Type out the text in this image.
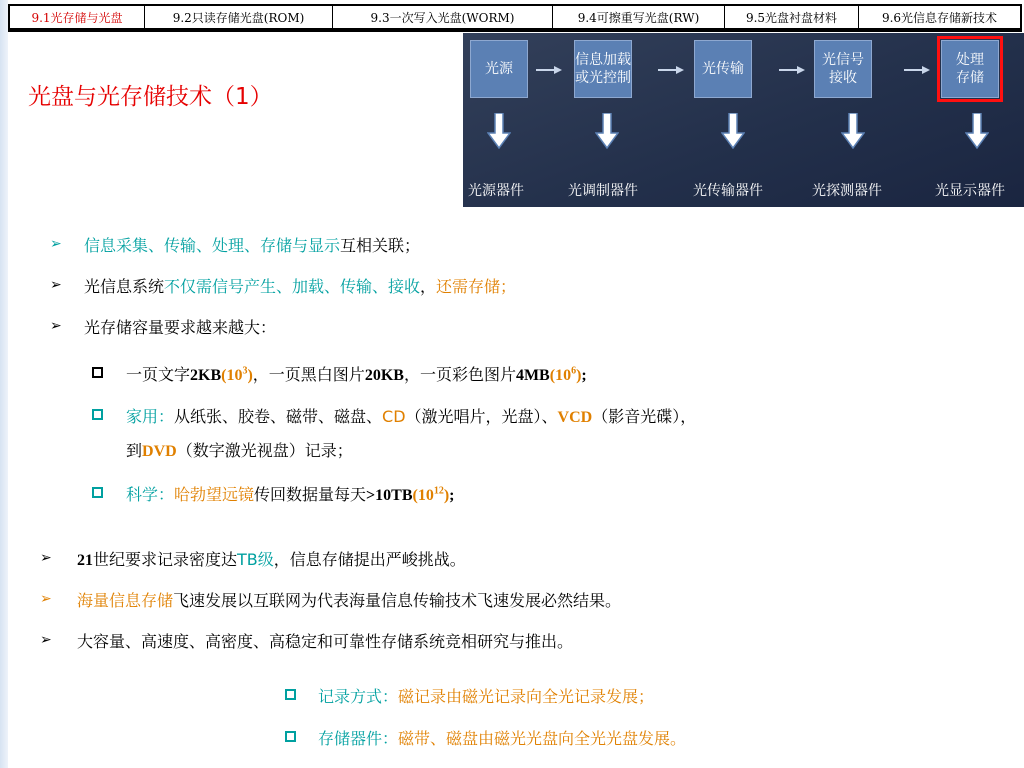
9.1光存储与光盘	9.2只读存储光盘(ROM)	9.3一次写入光盘(WORM)	9.4可擦重写光盘(RW)	9.5光盘衬盘材料	9.6光信息存储新技术
光盘与光存储技术（1）
光源
信息加载
或光控制
光传输
光信号
接收
处理
存储
光源器件	光调制器件	光传输器件	光探测器件	光显示器件
➢ 信息采集、传输、处理、存储与显示互相关联；
➢ 光信息系统不仅需信号产生、加载、传输、接收，还需存储；
➢ 光存储容量要求越来越大：
一页文字$2KB(10^3)$，一页黑白图片20KB，一页彩色图片$4MB(10^6)$;
家用：从纸张、胶卷、磁带、磁盘、CD（激光唱片，光盘）、VCD（影音光碟），
到DVD（数字激光视盘）记录；
科学：哈勃望远镜传回数据量每天$>10TB(10^{12})$;
➢ 21世纪要求记录密度达TB级，信息存储提出严峻挑战。
➢ 海量信息存储飞速发展以互联网为代表海量信息传输技术飞速发展必然结果。
➢ 大容量、高速度、高密度、高稳定和可靠性存储系统竞相研究与推出。
记录方式：磁记录由磁光记录向全光记录发展；
存储器件：磁带、磁盘由磁光光盘向全光光盘发展。
